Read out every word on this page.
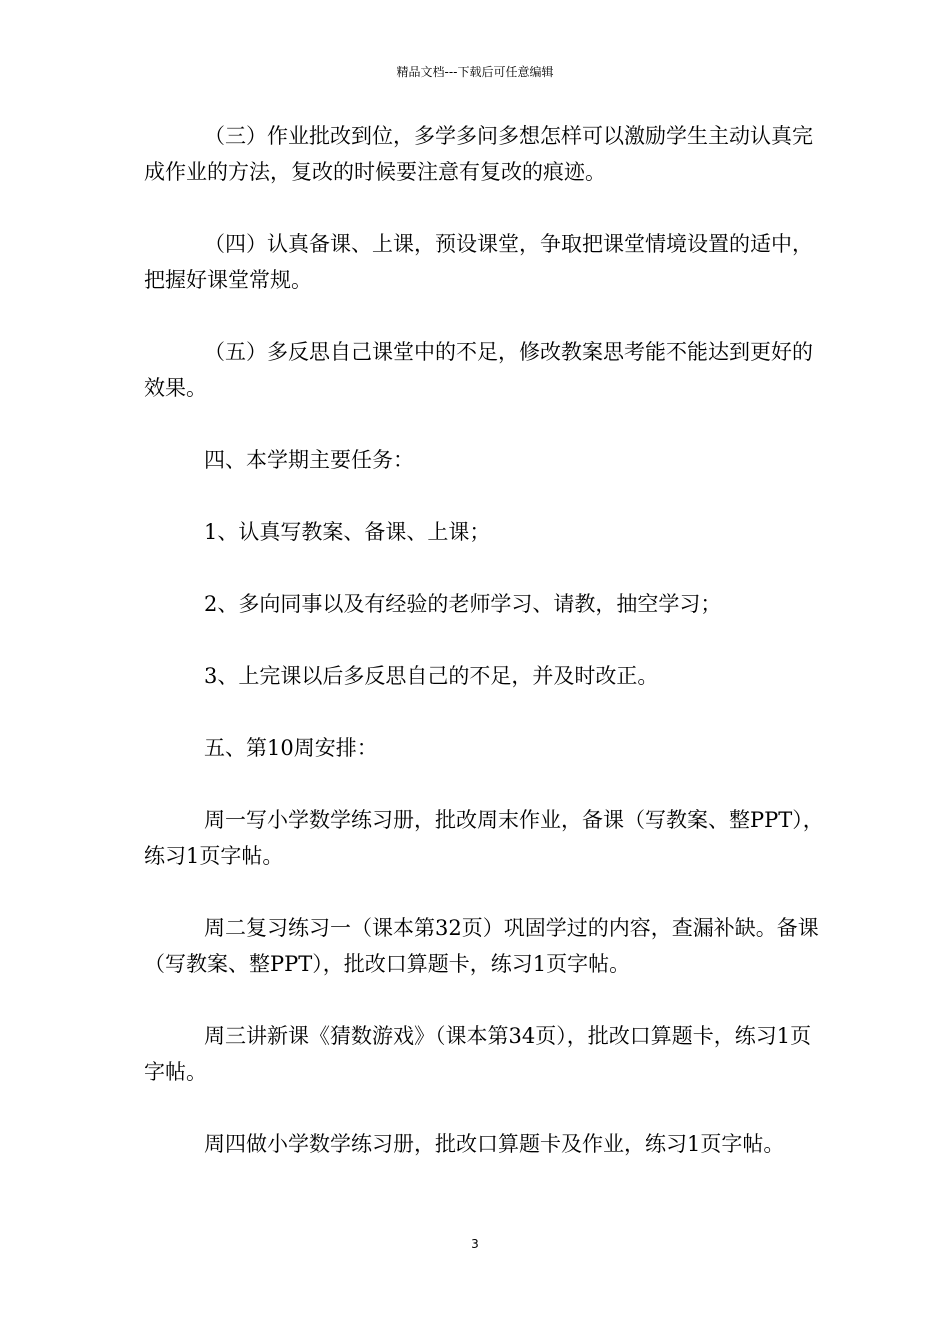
精品文档---下载后可任意编辑

（三）作业批改到位，多学多问多想怎样可以激励学生主动认真完成作业的方法，复改的时候要注意有复改的痕迹。

（四）认真备课、上课，预设课堂，争取把课堂情境设置的适中，把握好课堂常规。

（五）多反思自己课堂中的不足，修改教案思考能不能达到更好的效果。

四、本学期主要任务：

1、认真写教案、备课、上课；

2、多向同事以及有经验的老师学习、请教，抽空学习；

3、上完课以后多反思自己的不足，并及时改正。

五、第10周安排：

周一写小学数学练习册，批改周末作业，备课（写教案、整PPT），练习1页字帖。

周二复习练习一（课本第32页）巩固学过的内容，查漏补缺。备课（写教案、整PPT），批改口算题卡，练习1页字帖。

周三讲新课《猜数游戏》（课本第34页），批改口算题卡，练习1页字帖。

周四做小学数学练习册，批改口算题卡及作业，练习1页字帖。

3
